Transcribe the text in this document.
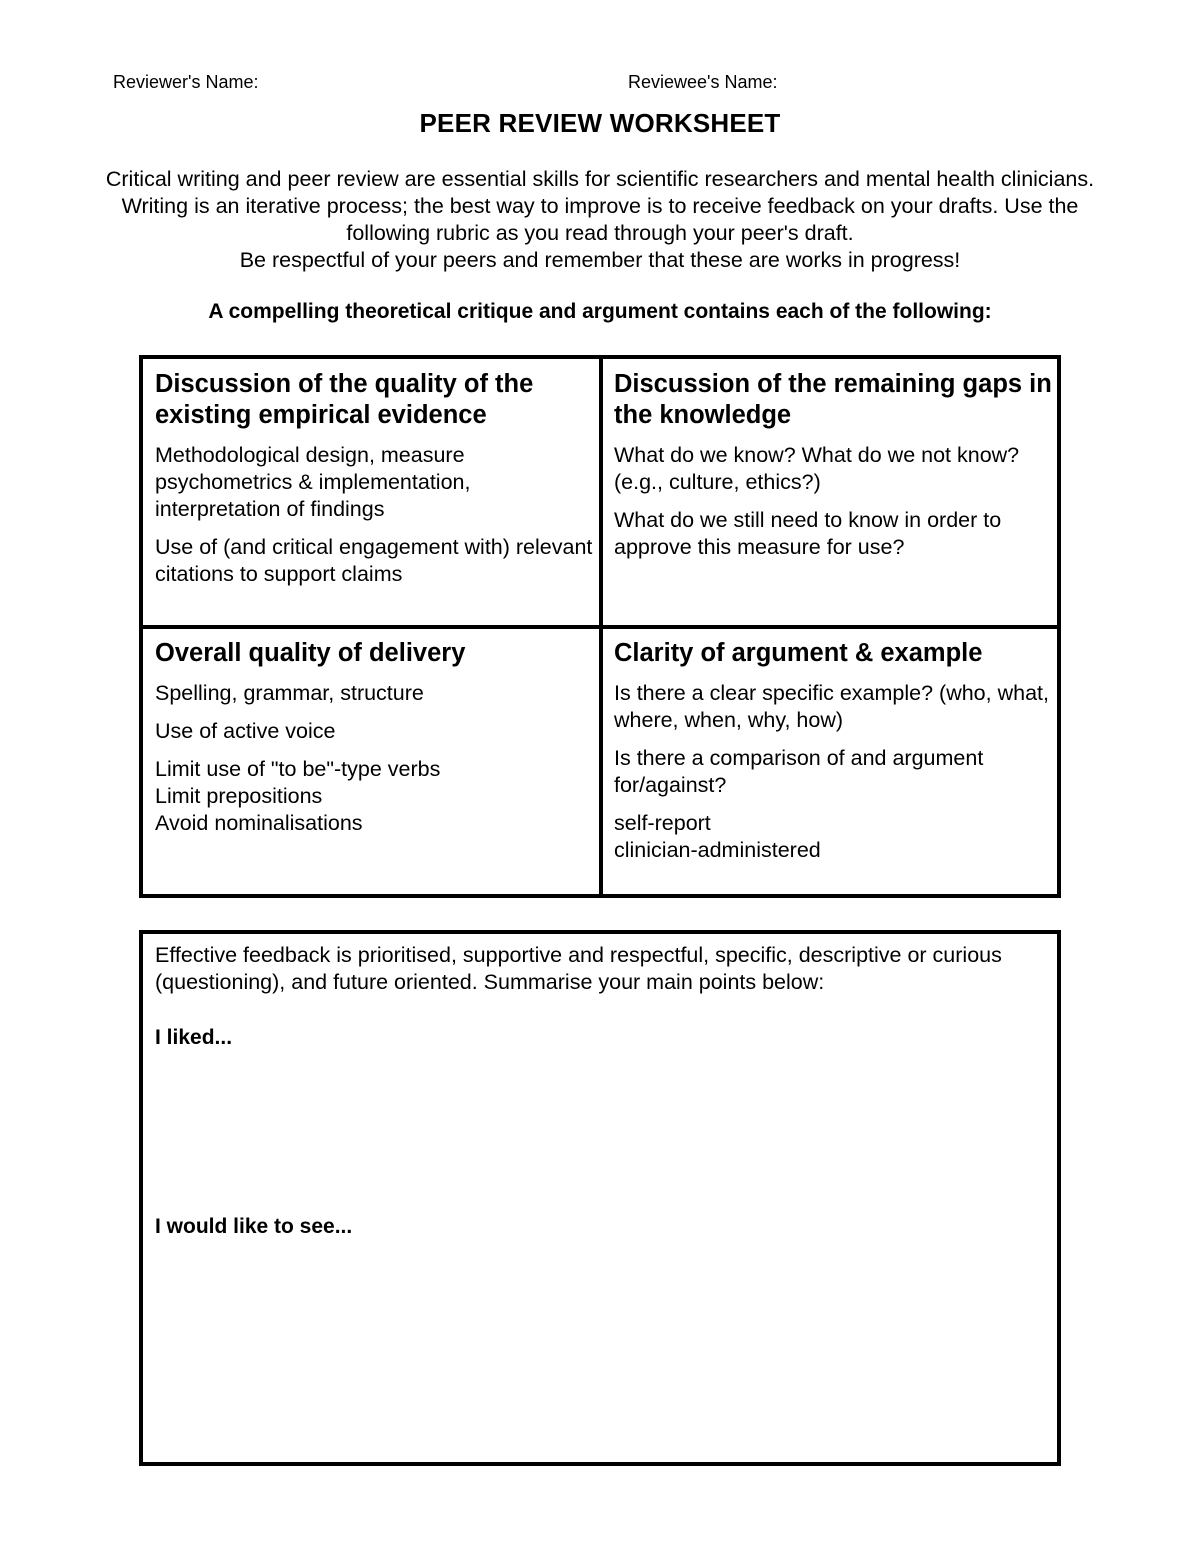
Reviewer's Name:	Reviewee's Name:
PEER REVIEW WORKSHEET

Critical writing and peer review are essential skills for scientific researchers and mental health clinicians. Writing is an iterative process; the best way to improve is to receive feedback on your drafts. Use the following rubric as you read through your peer's draft.

Be respectful of your peers and remember that these are works in progress!

A compelling theoretical critique and argument contains each of the following:
Discussion of the quality of the existing empirical evidence

Methodological design, measure psychometrics & implementation, interpretation of findings

Use of (and critical engagement with) relevant citations to support claims

Discussion of the remaining gaps in the knowledge

What do we know? What do we not know? (e.g., culture, ethics?)

What do we still need to know in order to approve this measure for use?

Overall quality of delivery

Spelling, grammar, structure

Use of active voice

Limit use of "to be"-type verbs
Limit prepositions
Avoid nominalisations

Clarity of argument & example

Is there a clear specific example? (who, what, where, when, why, how)

Is there a comparison of and argument for/against?

self-report
clinician-administered

Effective feedback is prioritised, supportive and respectful, specific, descriptive or curious (questioning), and future oriented. Summarise your main points below:

I liked...
I would like to see...
